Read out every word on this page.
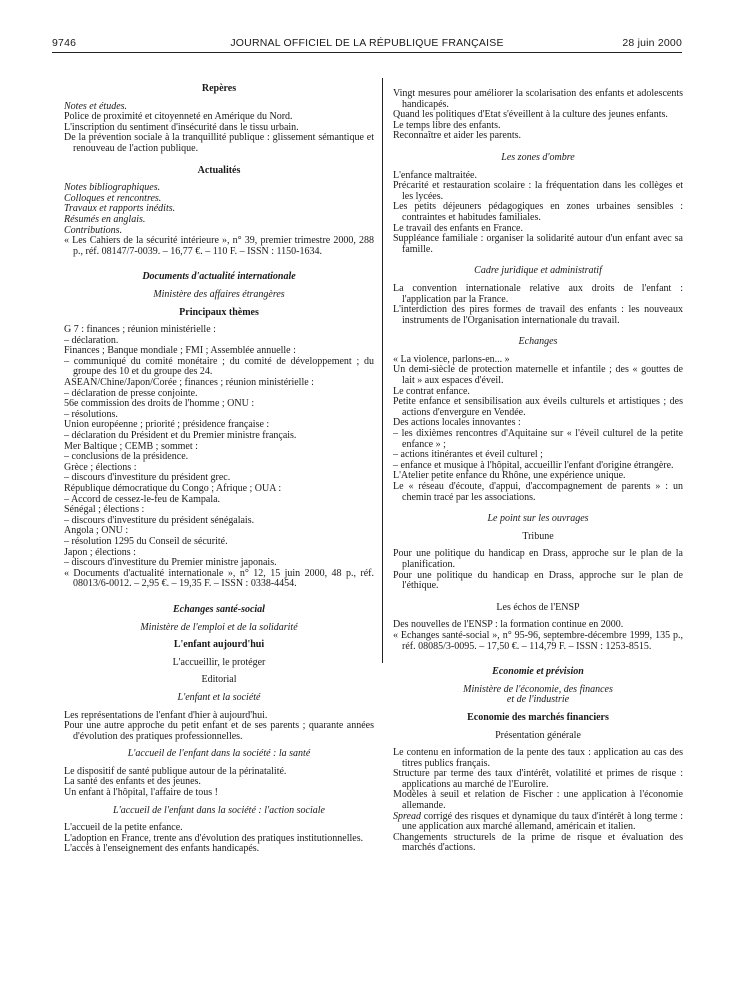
9746	JOURNAL OFFICIEL DE LA RÉPUBLIQUE FRANÇAISE	28 juin 2000
Repères
Notes et études.
Police de proximité et citoyenneté en Amérique du Nord.
L'inscription du sentiment d'insécurité dans le tissu urbain.
De la prévention sociale à la tranquillité publique : glissement sémantique et renouveau de l'action publique.
Actualités
Notes bibliographiques.
Colloques et rencontres.
Travaux et rapports inédits.
Résumés en anglais.
Contributions.
« Les Cahiers de la sécurité intérieure », n° 39, premier trimestre 2000, 288 p., réf. 08147/7-0039. – 16,77 €. – 110 F. – ISSN : 1150-1634.
Documents d'actualité internationale
Ministère des affaires étrangères
Principaux thèmes
G 7 : finances ; réunion ministérielle :
– déclaration.
Finances ; Banque mondiale ; FMI ; Assemblée annuelle :
– communiqué du comité monétaire ; du comité de développement ; du groupe des 10 et du groupe des 24.
ASEAN/Chine/Japon/Corée ; finances ; réunion ministérielle :
– déclaration de presse conjointe.
56e commission des droits de l'homme ; ONU :
– résolutions.
Union européenne ; priorité ; présidence française :
– déclaration du Président et du Premier ministre français.
Mer Baltique ; CEMB ; sommet :
– conclusions de la présidence.
Grèce ; élections :
– discours d'investiture du président grec.
République démocratique du Congo ; Afrique ; OUA :
– Accord de cessez-le-feu de Kampala.
Sénégal ; élections :
– discours d'investiture du président sénégalais.
Angola ; ONU :
– résolution 1295 du Conseil de sécurité.
Japon ; élections :
– discours d'investiture du Premier ministre japonais.
« Documents d'actualité internationale », n° 12, 15 juin 2000, 48 p., réf. 08013/6-0012. – 2,95 €. – 19,35 F. – ISSN : 0338-4454.
Echanges santé-social
Ministère de l'emploi et de la solidarité
L'enfant aujourd'hui
L'accueillir, le protéger
Editorial
L'enfant et la société
Les représentations de l'enfant d'hier à aujourd'hui.
Pour une autre approche du petit enfant et de ses parents ; quarante années d'évolution des pratiques professionnelles.
L'accueil de l'enfant dans la société : la santé
Le dispositif de santé publique autour de la périnatalité.
La santé des enfants et des jeunes.
Un enfant à l'hôpital, l'affaire de tous !
L'accueil de l'enfant dans la société : l'action sociale
L'accueil de la petite enfance.
L'adoption en France, trente ans d'évolution des pratiques institutionnelles.
L'accès à l'enseignement des enfants handicapés.
Vingt mesures pour améliorer la scolarisation des enfants et adolescents handicapés.
Quand les politiques d'Etat s'éveillent à la culture des jeunes enfants.
Le temps libre des enfants.
Reconnaître et aider les parents.
Les zones d'ombre
L'enfance maltraitée.
Précarité et restauration scolaire : la fréquentation dans les collèges et les lycées.
Les petits déjeuners pédagogiques en zones urbaines sensibles : contraintes et habitudes familiales.
Le travail des enfants en France.
Suppléance familiale : organiser la solidarité autour d'un enfant avec sa famille.
Cadre juridique et administratif
La convention internationale relative aux droits de l'enfant : l'application par la France.
L'interdiction des pires formes de travail des enfants : les nouveaux instruments de l'Organisation internationale du travail.
Echanges
« La violence, parlons-en... »
Un demi-siècle de protection maternelle et infantile ; des « gouttes de lait » aux espaces d'éveil.
Le contrat enfance.
Petite enfance et sensibilisation aux éveils culturels et artistiques ; des actions d'envergure en Vendée.
Des actions locales innovantes :
– les dixièmes rencontres d'Aquitaine sur « l'éveil culturel de la petite enfance » ;
– actions itinérantes et éveil culturel ;
– enfance et musique à l'hôpital, accueillir l'enfant d'origine étrangère.
L'Atelier petite enfance du Rhône, une expérience unique.
Le « réseau d'écoute, d'appui, d'accompagnement de parents » : un chemin tracé par les associations.
Le point sur les ouvrages
Tribune
Pour une politique du handicap en Drass, approche sur le plan de la planification.
Pour une politique du handicap en Drass, approche sur le plan de l'éthique.
Les échos de l'ENSP
Des nouvelles de l'ENSP : la formation continue en 2000.
« Echanges santé-social », n° 95-96, septembre-décembre 1999, 135 p., réf. 08085/3-0095. – 17,50 €. – 114,79 F. – ISSN : 1253-8515.
Economie et prévision
Ministère de l'économie, des finances
et de l'industrie
Economie des marchés financiers
Présentation générale
Le contenu en information de la pente des taux : application au cas des titres publics français.
Structure par terme des taux d'intérêt, volatilité et primes de risque : applications au marché de l'Eurolire.
Modèles à seuil et relation de Fischer : une application à l'économie allemande.
Spread corrigé des risques et dynamique du taux d'intérêt à long terme : une application aux marché allemand, américain et italien.
Changements structurels de la prime de risque et évaluation des marchés d'actions.
